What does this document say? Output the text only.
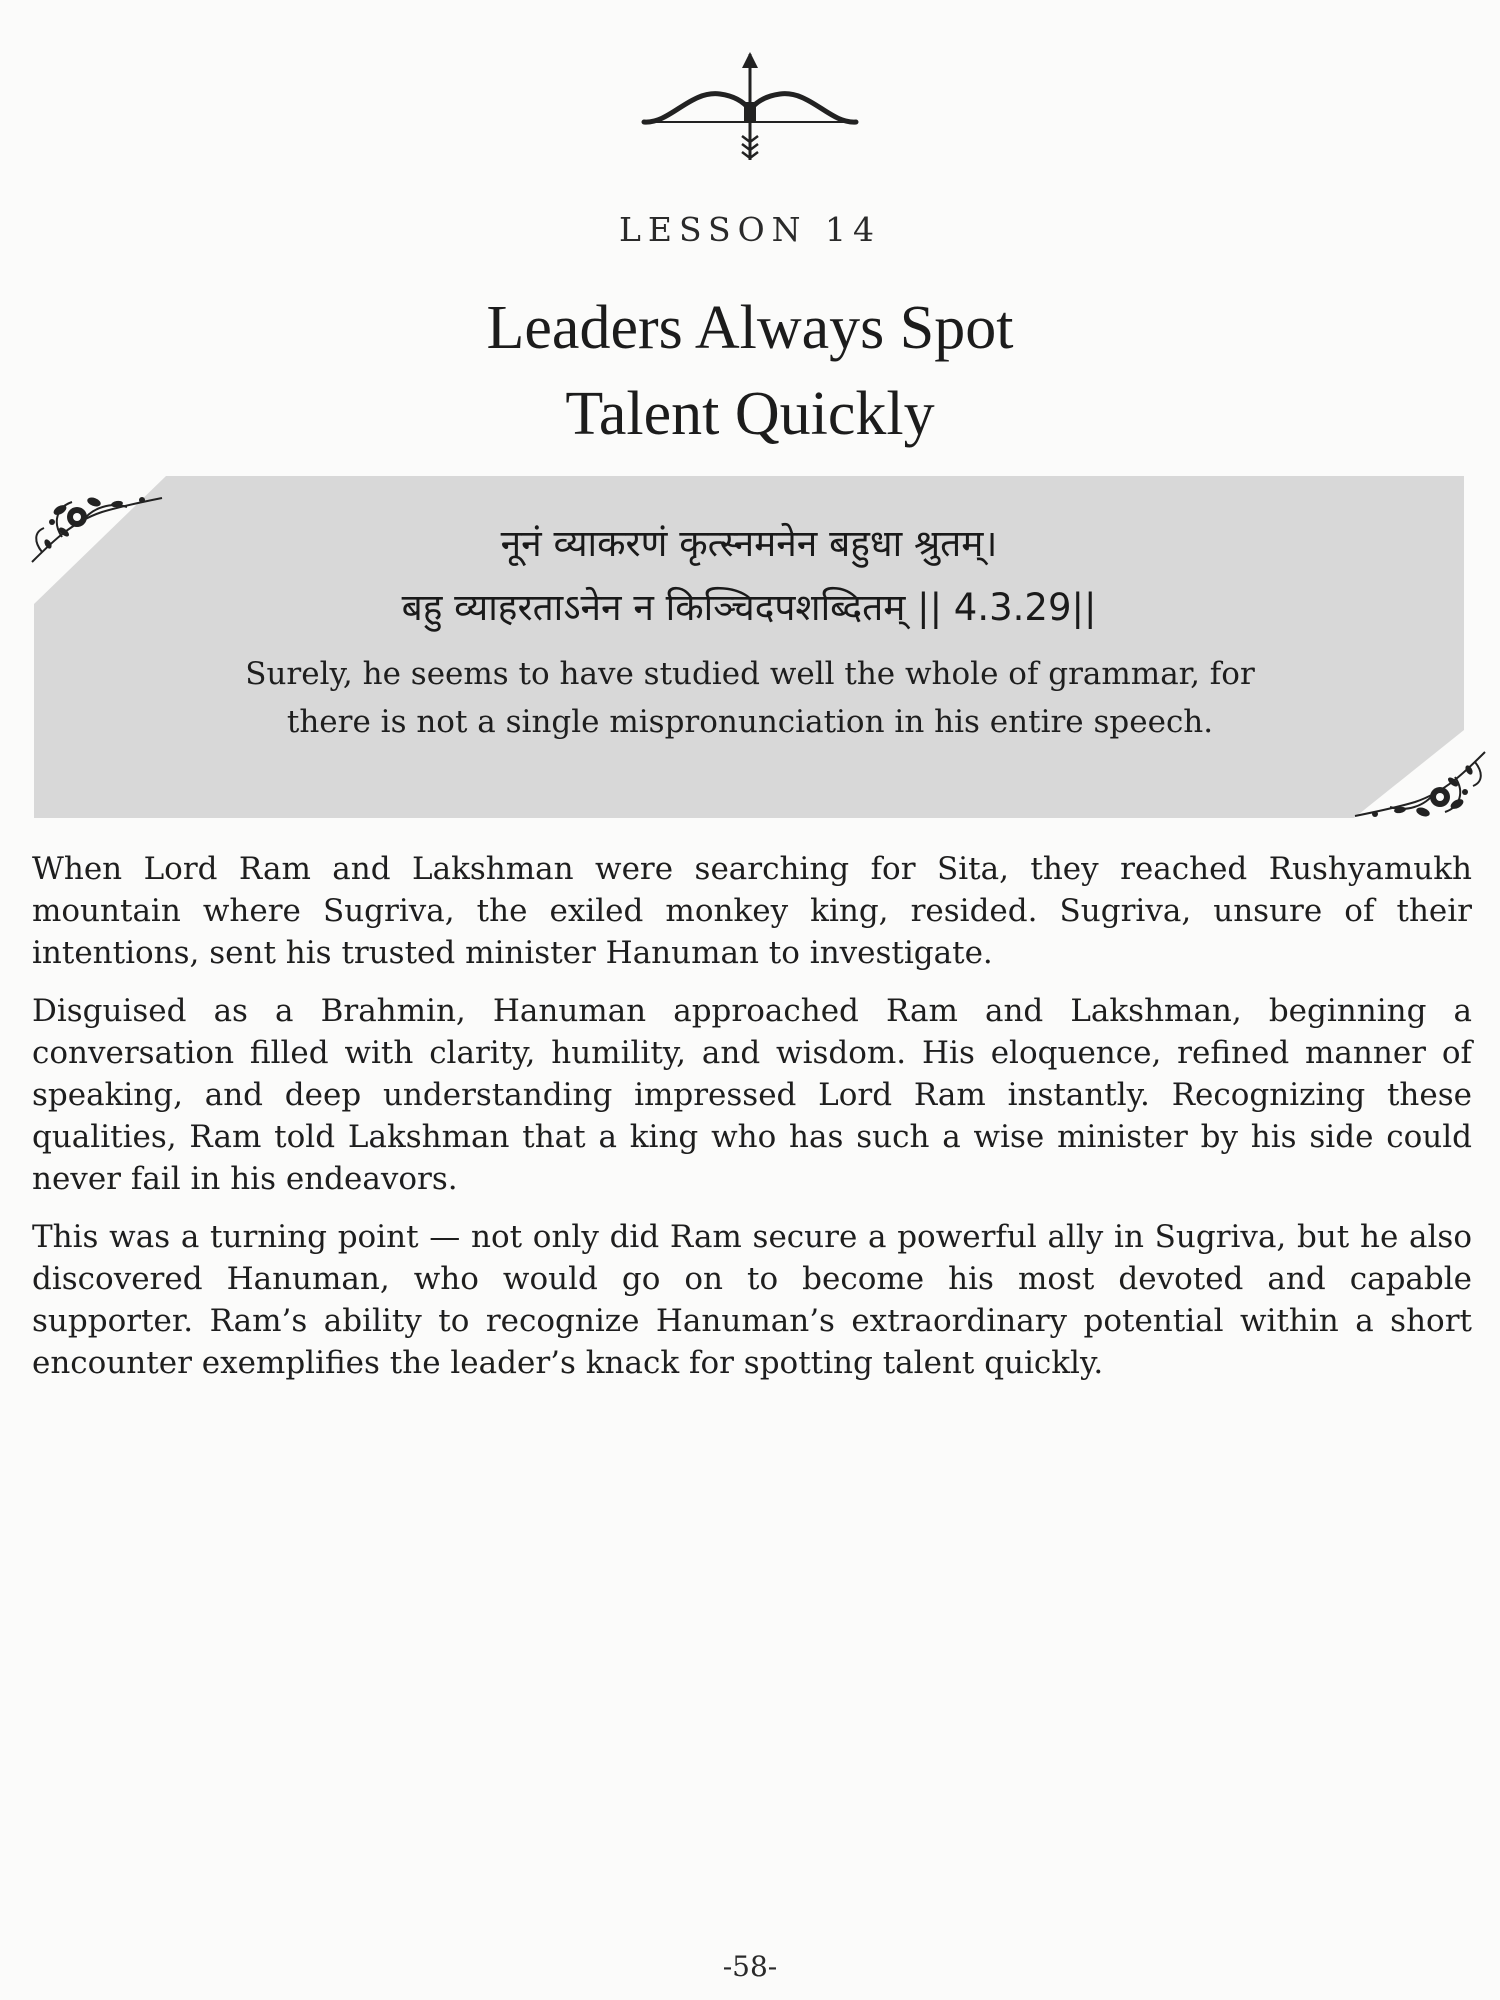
LESSON 14
Leaders Always Spot
Talent Quickly
नूनं व्याकरणं कृत्स्नमनेन बहुधा श्रुतम्।
बहु व्याहरताऽनेन न किञ्चिदपशब्दितम् || 4.3.29||
Surely, he seems to have studied well the whole of grammar, for there is not a single mispronunciation in his entire speech.

When Lord Ram and Lakshman were searching for Sita, they reached Rushyamukh mountain where Sugriva, the exiled monkey king, resided. Sugriva, unsure of their intentions, sent his trusted minister Hanuman to investigate.

Disguised as a Brahmin, Hanuman approached Ram and Lakshman, beginning a conversation filled with clarity, humility, and wisdom. His eloquence, refined manner of speaking, and deep understanding impressed Lord Ram instantly. Recognizing these qualities, Ram told Lakshman that a king who has such a wise minister by his side could never fail in his endeavors.

This was a turning point — not only did Ram secure a powerful ally in Sugriva, but he also discovered Hanuman, who would go on to become his most devoted and capable supporter. Ram’s ability to recognize Hanuman’s extraordinary potential within a short encounter exemplifies the leader’s knack for spotting talent quickly.

-58-
